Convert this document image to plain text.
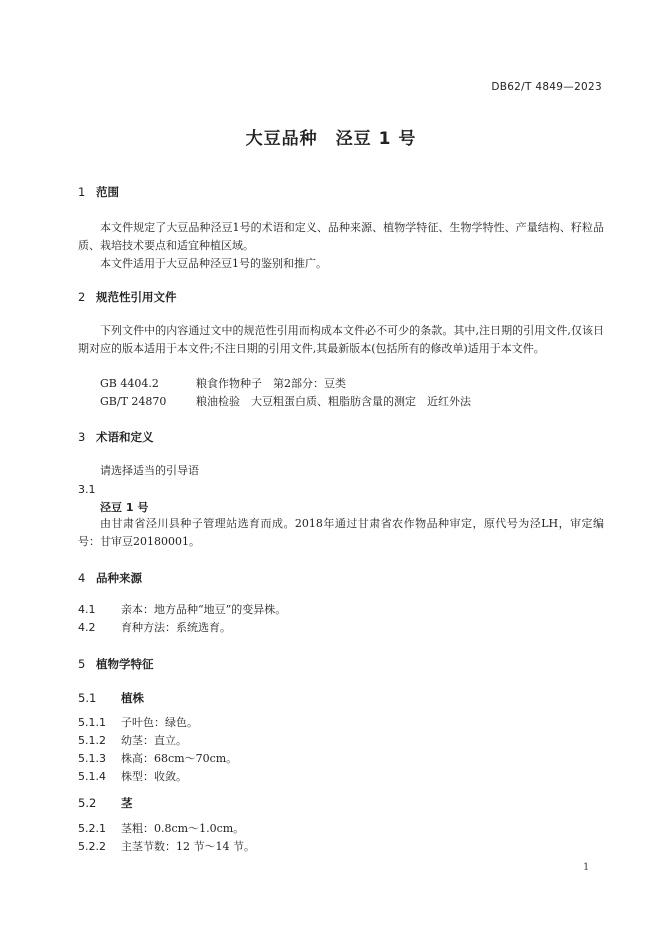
DB62/T 4849—2023
大豆品种　泾豆 1 号
1 范围
本文件规定了大豆品种泾豆1号的术语和定义、品种来源、植物学特征、生物学特性、产量结构、籽粒品质、栽培技术要点和适宜种植区域。
本文件适用于大豆品种泾豆1号的鉴别和推广。
2 规范性引用文件
下列文件中的内容通过文中的规范性引用而构成本文件必不可少的条款。其中,注日期的引用文件,仅该日期对应的版本适用于本文件;不注日期的引用文件,其最新版本(包括所有的修改单)适用于本文件。
GB 4404.2	粮食作物种子　第2部分：豆类
GB/T 24870	粮油检验　大豆粗蛋白质、粗脂肪含量的测定　近红外法
3 术语和定义
请选择适当的引导语
3.1
泾豆 1 号
由甘肃省泾川县种子管理站选育而成。2018年通过甘肃省农作物品种审定，原代号为泾LH，审定编号：甘审豆20180001。
4 品种来源
4.1 亲本：地方品种“地豆”的变异株。
4.2 育种方法：系统选育。
5 植物学特征
5.1 植株
5.1.1 子叶色：绿色。
5.1.2 幼茎：直立。
5.1.3 株高：68cm～70cm。
5.1.4 株型：收敛。
5.2 茎
5.2.1 茎粗：0.8cm～1.0cm。
5.2.2 主茎节数：12 节～14 节。
1
